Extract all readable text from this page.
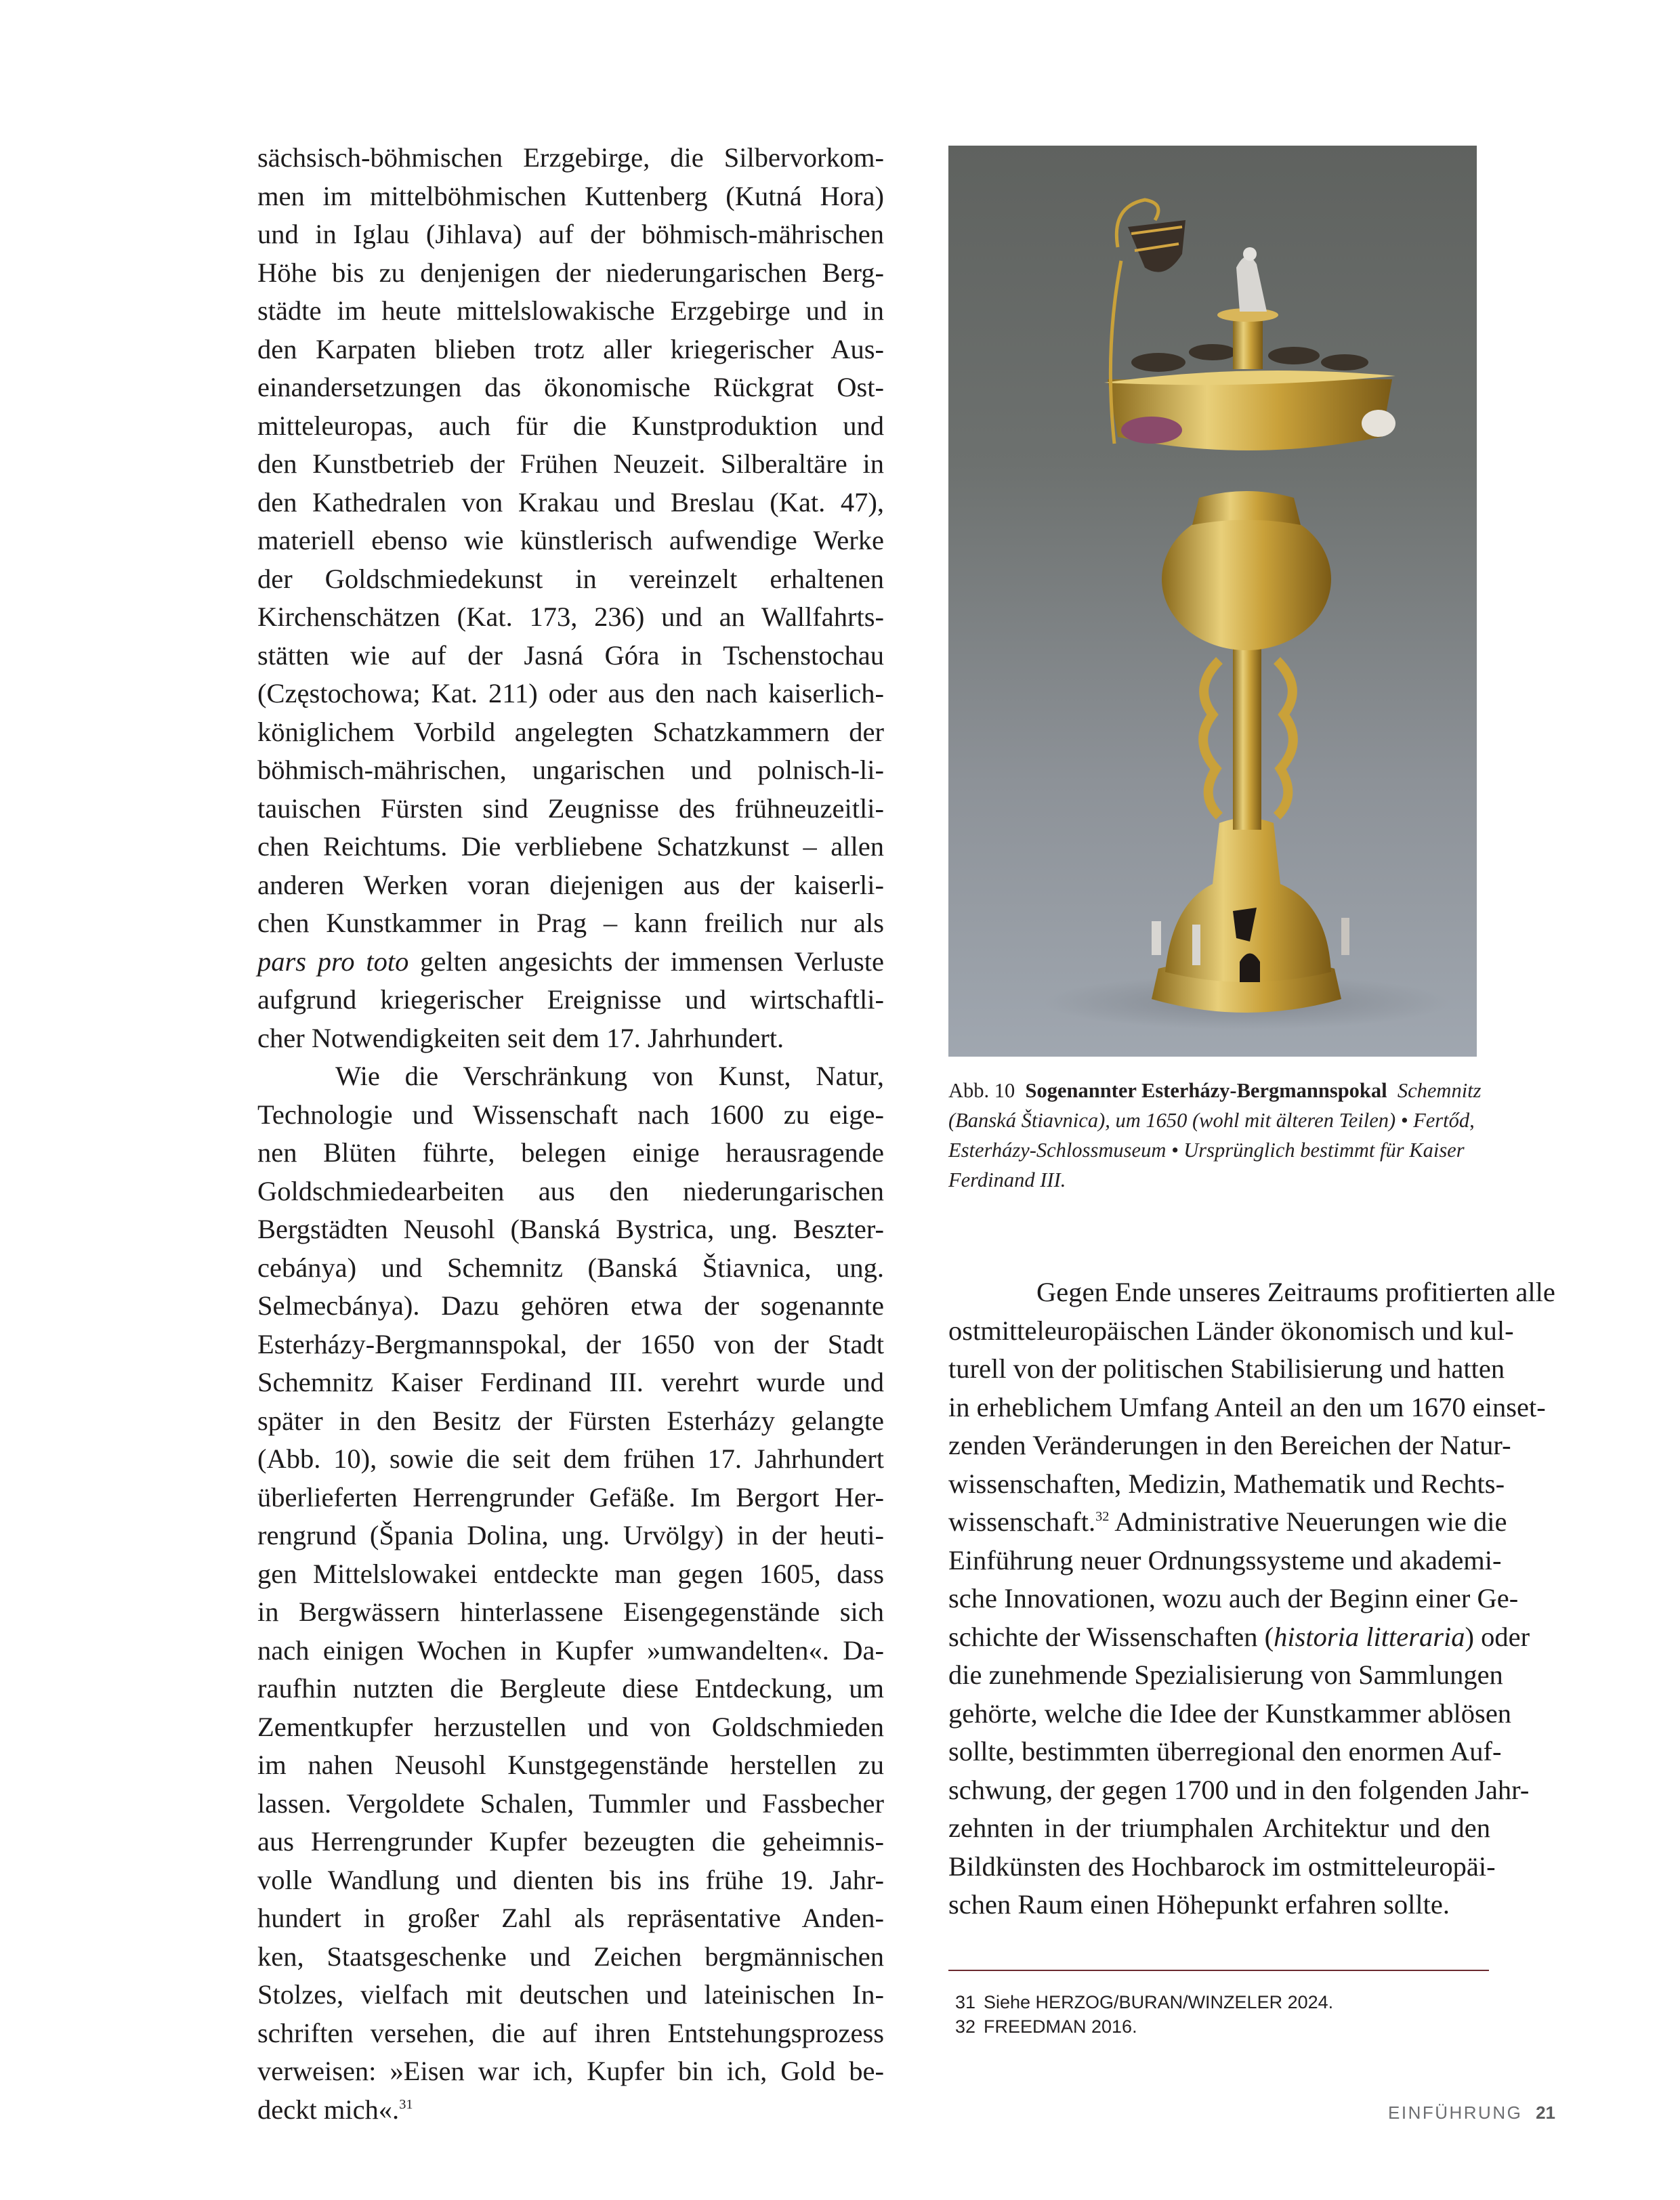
sächsisch-böhmischen Erzgebirge, die Silbervorkom-
men im mittelböhmischen Kuttenberg (Kutná Hora)
und in Iglau (Jihlava) auf der böhmisch-mährischen
Höhe bis zu denjenigen der niederungarischen Berg-
städte im heute mittelslowakische Erzgebirge und in
den Karpaten blieben trotz aller kriegerischer Aus-
einandersetzungen das ökonomische Rückgrat Ost-
mitteleuropas, auch für die Kunstproduktion und
den Kunstbetrieb der Frühen Neuzeit. Silberaltäre in
den Kathedralen von Krakau und Breslau (Kat. 47),
materiell ebenso wie künstlerisch aufwendige Werke
der Goldschmiedekunst in vereinzelt erhaltenen
Kirchenschätzen (Kat. 173, 236) und an Wallfahrts-
stätten wie auf der Jasná Góra in Tschenstochau
(Częstochowa; Kat. 211) oder aus den nach kaiserlich-
königlichem Vorbild angelegten Schatzkammern der
böhmisch-mährischen, ungarischen und polnisch-li-
tauischen Fürsten sind Zeugnisse des frühneuzeitli-
chen Reichtums. Die verbliebene Schatzkunst – allen
anderen Werken voran diejenigen aus der kaiserli-
chen Kunstkammer in Prag – kann freilich nur als
pars pro toto gelten angesichts der immensen Verluste
aufgrund kriegerischer Ereignisse und wirtschaftli-
cher Notwendigkeiten seit dem 17. Jahrhundert.
Wie die Verschränkung von Kunst, Natur,
Technologie und Wissenschaft nach 1600 zu eige-
nen Blüten führte, belegen einige herausragende
Goldschmiedearbeiten aus den niederungarischen
Bergstädten Neusohl (Banská Bystrica, ung. Beszter-
cebánya) und Schemnitz (Banská Štiavnica, ung.
Selmecbánya). Dazu gehören etwa der sogenannte
Esterházy-Bergmannspokal, der 1650 von der Stadt
Schemnitz Kaiser Ferdinand III. verehrt wurde und
später in den Besitz der Fürsten Esterházy gelangte
(Abb. 10), sowie die seit dem frühen 17. Jahrhundert
überlieferten Herrengrunder Gefäße. Im Bergort Her-
rengrund (Špania Dolina, ung. Urvölgy) in der heuti-
gen Mittelslowakei entdeckte man gegen 1605, dass
in Bergwässern hinterlassene Eisengegenstände sich
nach einigen Wochen in Kupfer »umwandelten«. Da-
raufhin nutzten die Bergleute diese Entdeckung, um
Zementkupfer herzustellen und von Goldschmieden
im nahen Neusohl Kunstgegenstände herstellen zu
lassen. Vergoldete Schalen, Tummler und Fassbecher
aus Herrengrunder Kupfer bezeugten die geheimnis-
volle Wandlung und dienten bis ins frühe 19. Jahr-
hundert in großer Zahl als repräsentative Anden-
ken, Staatsgeschenke und Zeichen bergmännischen
Stolzes, vielfach mit deutschen und lateinischen In-
schriften versehen, die auf ihren Entstehungsprozess
verweisen: »Eisen war ich, Kupfer bin ich, Gold be-
deckt mich«.$^{31}$
Abb. 10 Sogenannter Esterházy-Bergmannspokal Schemnitz (Banská Štiavnica), um 1650 (wohl mit älteren Teilen) • Fertőd, Esterházy-Schlossmuseum • Ursprünglich bestimmt für Kaiser Ferdinand III.
Gegen Ende unseres Zeitraums profitierten alle
ostmitteleuropäischen Länder ökonomisch und kul-
turell von der politischen Stabilisierung und hatten
in erheblichem Umfang Anteil an den um 1670 einset-
zenden Veränderungen in den Bereichen der Natur-
wissenschaften, Medizin, Mathematik und Rechts-
wissenschaft.$^{32}$ Administrative Neuerungen wie die
Einführung neuer Ordnungssysteme und akademi-
sche Innovationen, wozu auch der Beginn einer Ge-
schichte der Wissenschaften (historia litteraria) oder
die zunehmende Spezialisierung von Sammlungen
gehörte, welche die Idee der Kunstkammer ablösen
sollte, bestimmten überregional den enormen Auf-
schwung, der gegen 1700 und in den folgenden Jahr-
zehnten in der triumphalen Architektur und den
Bildkünsten des Hochbarock im ostmitteleuropäi-
schen Raum einen Höhepunkt erfahren sollte.
31 Siehe HERZOG/BURAN/WINZELER 2024.
32 FREEDMAN 2016.
EINFÜHRUNG 21
